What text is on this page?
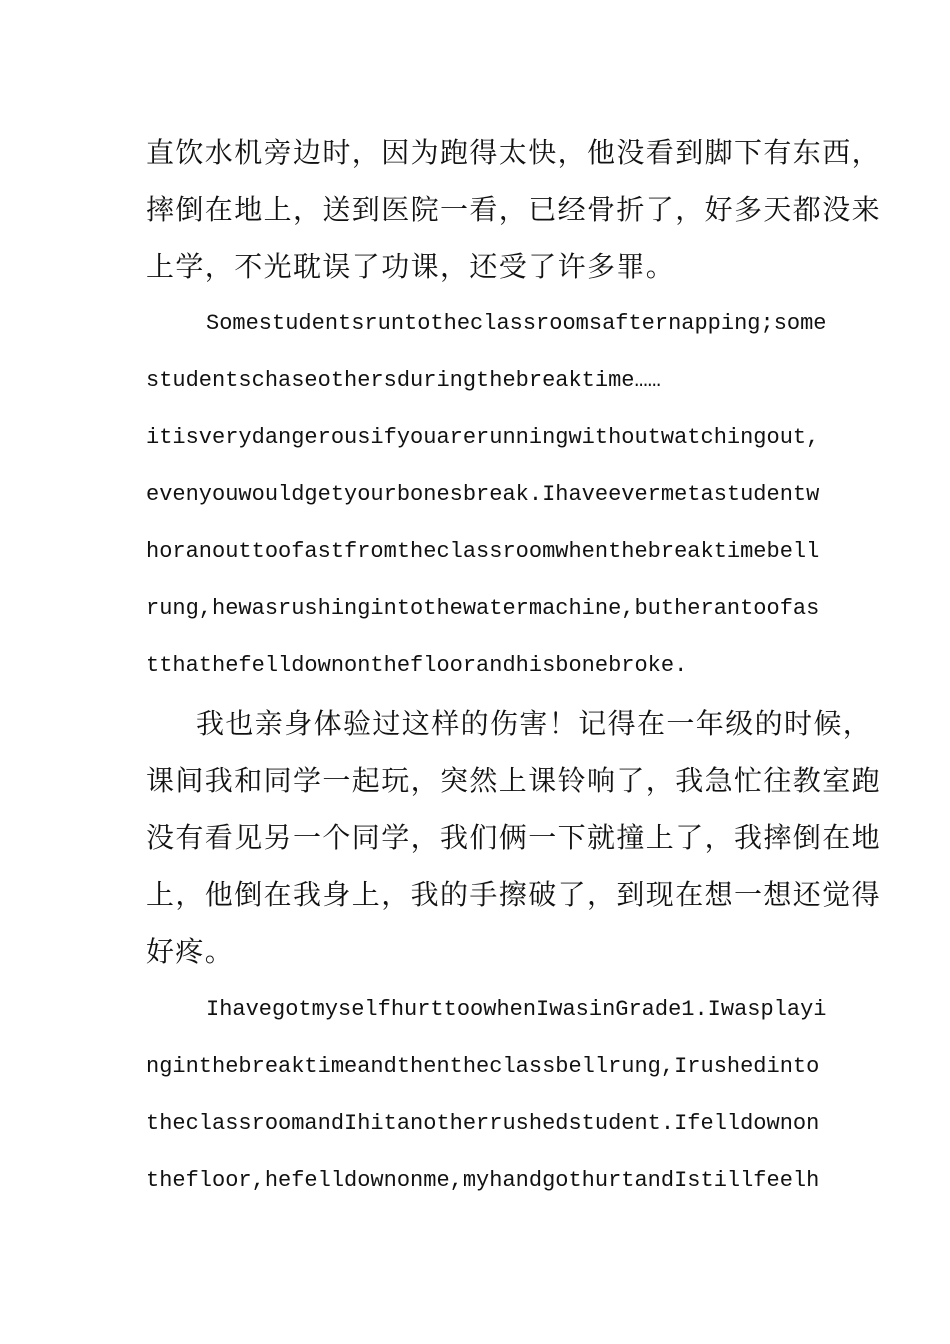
直饮水机旁边时，因为跑得太快，他没看到脚下有东西，
摔倒在地上，送到医院一看，已经骨折了，好多天都没来
上学，不光耽误了功课，还受了许多罪。
Somestudentsruntotheclassroomsafternapping;some
studentschaseothersduringthebreaktime……
itisverydangerousifyouarerunningwithoutwatchingout,
evenyouwouldgetyourbonesbreak.Ihaveevermetastudentw
horanouttoofastfromtheclassroomwhenthebreaktimebell
rung,hewasrushingintothewatermachine,butherantoofas
tthathefelldownonthefloorandhisbonebroke.
我也亲身体验过这样的伤害！记得在一年级的时候，
课间我和同学一起玩，突然上课铃响了，我急忙往教室跑
没有看见另一个同学，我们俩一下就撞上了，我摔倒在地
上，他倒在我身上，我的手擦破了，到现在想一想还觉得
好疼。
IhavegotmyselfhurttoowhenIwasinGrade1.Iwasplayi
nginthebreaktimeandthentheclassbellrung,Irushedinto
theclassroomandIhitanotherrushedstudent.Ifelldownon
thefloor,hefelldownonme,myhandgothurtandIstillfeelh
